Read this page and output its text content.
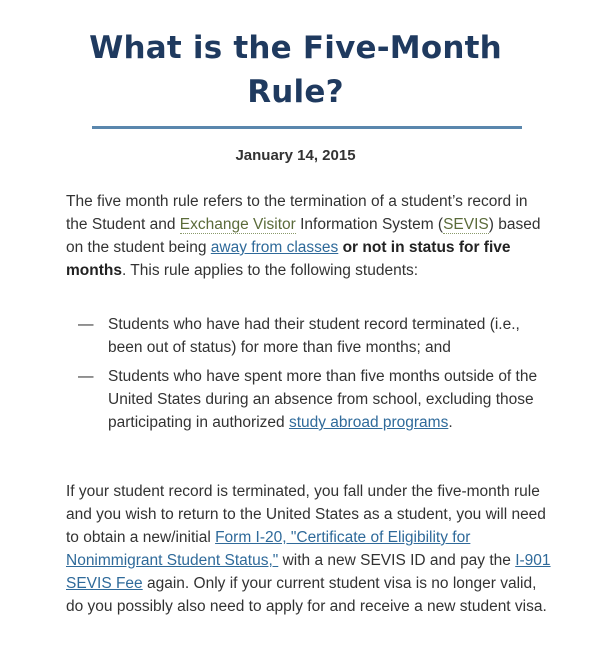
What is the Five-Month
Rule?
January 14, 2015

The five month rule refers to the termination of a student’s record in the Student and Exchange Visitor Information System (SEVIS) based on the student being away from classes or not in status for five months. This rule applies to the following students:

— Students who have had their student record terminated (i.e., been out of status) for more than five months; and
— Students who have spent more than five months outside of the United States during an absence from school, excluding those participating in authorized study abroad programs.

If your student record is terminated, you fall under the five-month rule and you wish to return to the United States as a student, you will need to obtain a new/initial Form I-20, "Certificate of Eligibility for Nonimmigrant Student Status," with a new SEVIS ID and pay the I-901 SEVIS Fee again. Only if your current student visa is no longer valid, do you possibly also need to apply for and receive a new student visa.
